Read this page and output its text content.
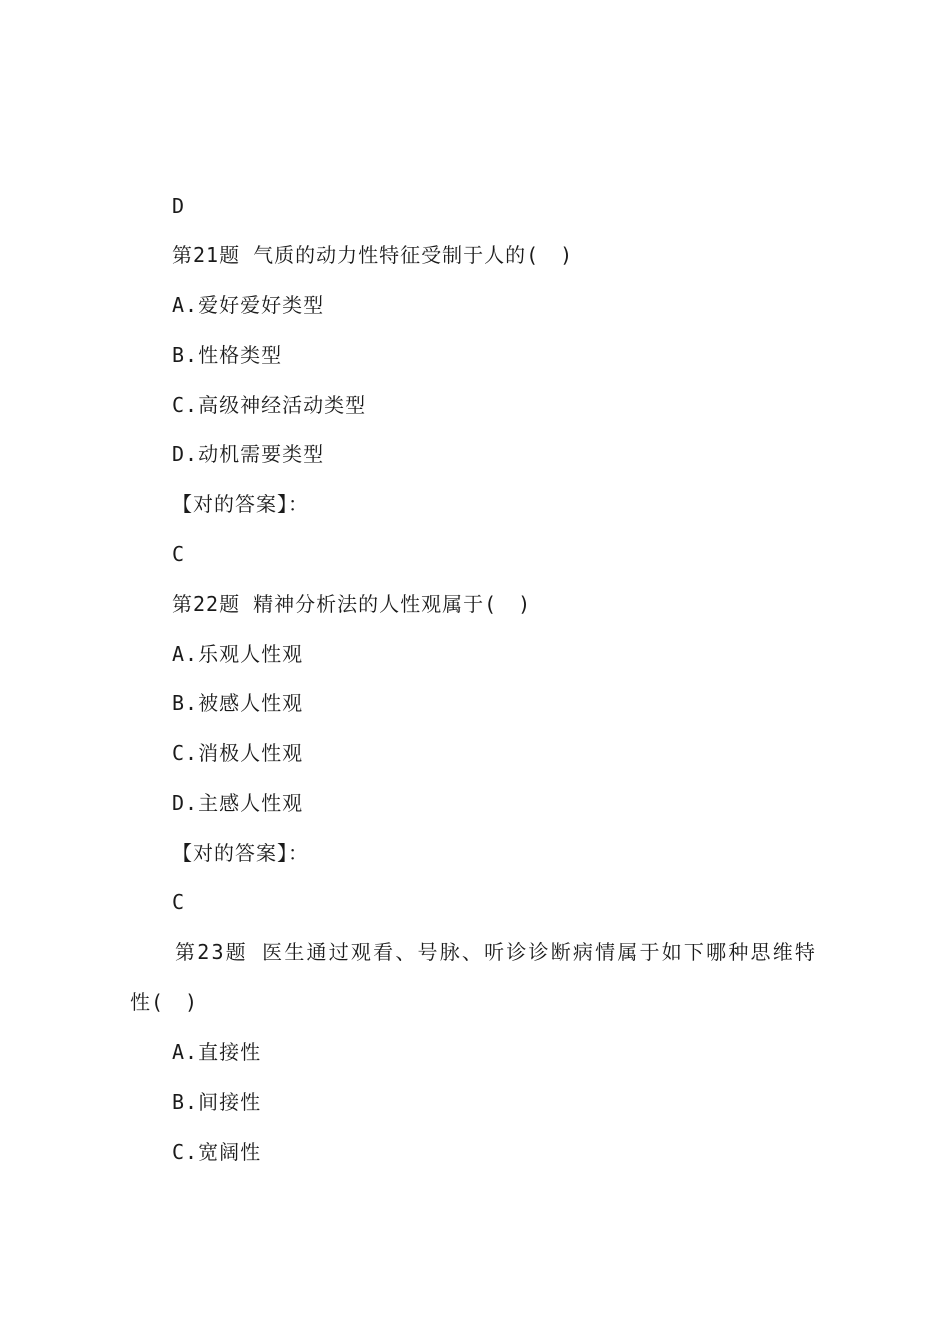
D
第21题 气质的动力性特征受制于人的(　)
A.爱好爱好类型
B.性格类型
C.高级神经活动类型
D.动机需要类型
【对的答案】：
C
第22题 精神分析法的人性观属于(　)
A.乐观人性观
B.被感人性观
C.消极人性观
D.主感人性观
【对的答案】：
C
第23题 医生通过观看、号脉、听诊诊断病情属于如下哪种思维特
性(　)
A.直接性
B.间接性
C.宽阔性
